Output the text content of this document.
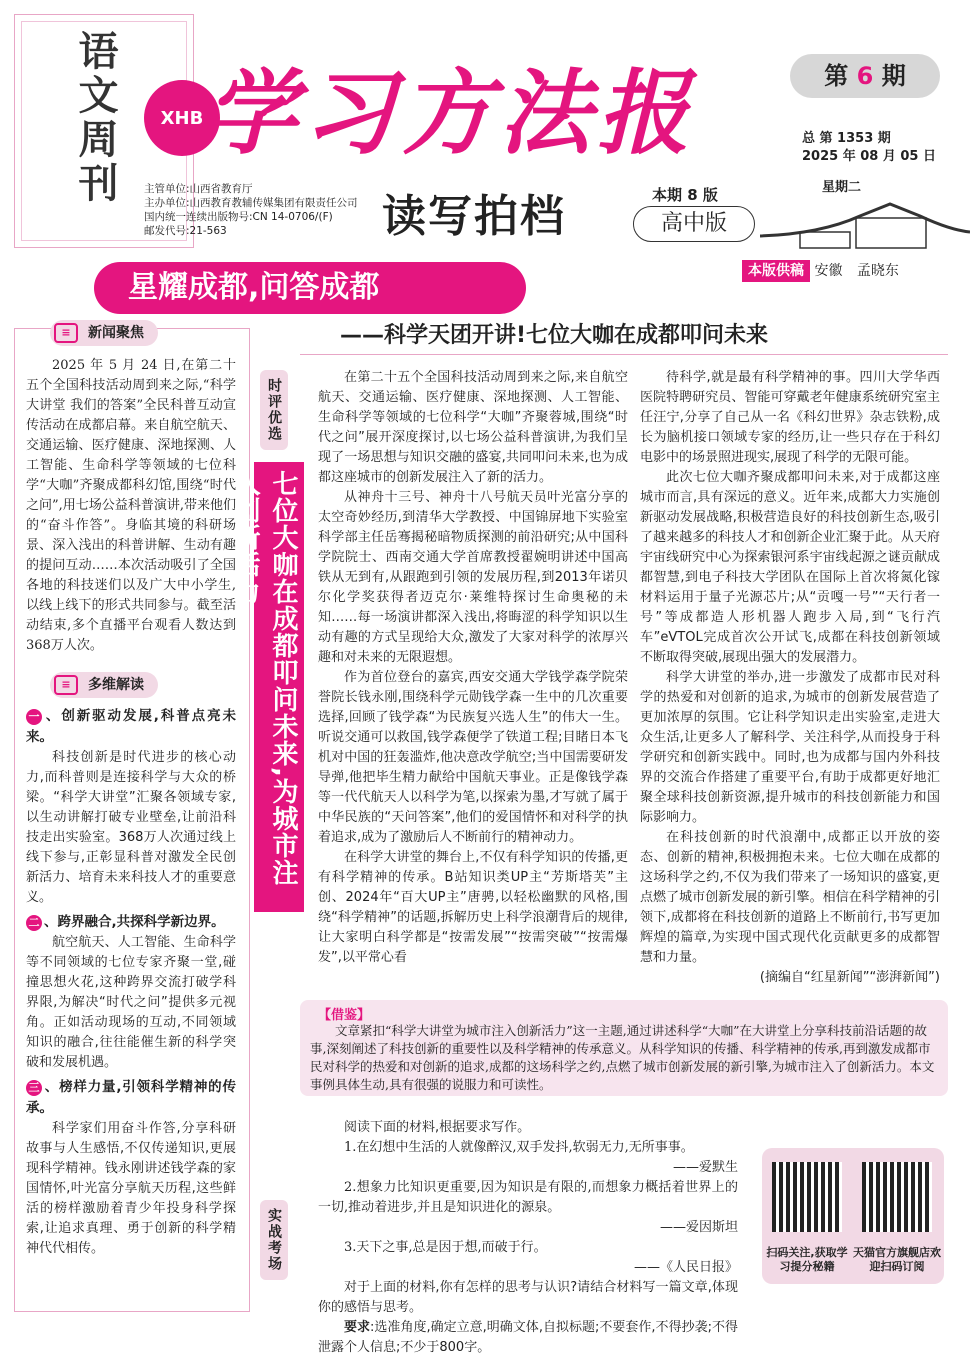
语文周刊	XHB 学习方法报
主管单位:山西省教育厅
主办单位:山西教育教辅传媒集团有限责任公司
国内统一连续出版物号:CN 14-0706/(F)
邮发代号:21-563	读写拍档	本期 8 版
高中版
第 6 期
总 第 1353 期
2025 年 08 月 05 日
星期二
星耀成都,问答成都	本版供稿 安徽 孟晓东
——科学天团开讲!七位大咖在成都叩问未来
≡	新闻聚焦
2025 年 5 月 24 日,在第二十五个全国科技活动周到来之际,“科学大讲堂 我们的答案”全民科普互动宣传活动在成都启幕。来自航空航天、交通运输、医疗健康、深地探测、人工智能、生命科学等领域的七位科学“大咖”齐聚成都科幻馆,围绕“时代之问”,用七场公益科普演讲,带来他们的“奋斗作答”。身临其境的科研场景、深入浅出的科普讲解、生动有趣的提问互动……本次活动吸引了全国各地的科技迷们以及广大中小学生,以线上线下的形式共同参与。截至活动结束,多个直播平台观看人数达到368万人次。
≡	多维解读
一 、创新驱动发展,科普点亮未来。

科技创新是时代进步的核心动力,而科普则是连接科学与大众的桥梁。“科学大讲堂”汇聚各领域专家,以生动讲解打破专业壁垒,让前沿科技走出实验室。368万人次通过线上线下参与,正彰显科普对激发全民创新活力、培育未来科技人才的重要意义。

二 、跨界融合,共探科学新边界。

航空航天、人工智能、生命科学等不同领域的七位专家齐聚一堂,碰撞思想火花,这种跨界交流打破学科界限,为解决“时代之问”提供多元视角。正如活动现场的互动,不同领域知识的融合,往往能催生新的科学突破和发展机遇。

三 、榜样力量,引领科学精神的传承。

科学家们用奋斗作答,分享科研故事与人生感悟,不仅传递知识,更展现科学精神。钱永刚讲述钱学森的家国情怀,叶光富分享航天历程,这些鲜活的榜样激励着青少年投身科学探索,让追求真理、勇于创新的科学精神代代相传。

时评优选
七位大咖在成都叩问未来,为城市注入创新活力

在第二十五个全国科技活动周到来之际,来自航空航天、交通运输、医疗健康、深地探测、人工智能、生命科学等领域的七位科学“大咖”齐聚蓉城,围绕“时代之问”展开深度探讨,以七场公益科普演讲,为我们呈现了一场思想与知识交融的盛宴,共同叩问未来,也为成都这座城市的创新发展注入了新的活力。

从神舟十三号、神舟十八号航天员叶光富分享的太空奇妙经历,到清华大学教授、中国锦屏地下实验室科学部主任岳骞揭秘暗物质探测的前沿研究;从中国科学院院士、西南交通大学首席教授翟婉明讲述中国高铁从无到有,从跟跑到引领的发展历程,到2013年诺贝尔化学奖获得者迈克尔·莱维特探讨生命奥秘的未知……每一场演讲都深入浅出,将晦涩的科学知识以生动有趣的方式呈现给大众,激发了大家对科学的浓厚兴趣和对未来的无限遐想。

作为首位登台的嘉宾,西安交通大学钱学森学院荣誉院长钱永刚,围绕科学元勋钱学森一生中的几次重要选择,回顾了钱学森“为民族复兴选人生”的伟大一生。听说交通可以救国,钱学森便学了铁道工程;目睹日本飞机对中国的狂轰滥炸,他决意改学航空;当中国需要研发导弹,他把毕生精力献给中国航天事业。正是像钱学森等一代代航天人以科学为笔,以探索为墨,才写就了属于中华民族的“天问答案”,他们的爱国情怀和对科学的执着追求,成为了激励后人不断前行的精神动力。

在科学大讲堂的舞台上,不仅有科学知识的传播,更有科学精神的传承。B站知识类UP主“芳斯塔芙”主创、2024年“百大UP主”唐骋,以轻松幽默的风格,围绕“科学精神”的话题,拆解历史上科学浪潮背后的规律,让大家明白科学都是“按需发展”“按需突破”“按需爆发”,以平常心看

待科学,就是最有科学精神的事。四川大学华西医院特聘研究员、智能可穿戴老年健康系统研究室主任汪宁,分享了自己从一名《科幻世界》杂志铁粉,成长为脑机接口领域专家的经历,让一些只存在于科幻电影中的场景照进现实,展现了科学的无限可能。

此次七位大咖齐聚成都叩问未来,对于成都这座城市而言,具有深远的意义。近年来,成都大力实施创新驱动发展战略,积极营造良好的科技创新生态,吸引了越来越多的科技人才和创新企业汇聚于此。从天府宇宙线研究中心为探索银河系宇宙线起源之谜贡献成都智慧,到电子科技大学团队在国际上首次将氮化镓材料运用于量子光源芯片;从“贡嘎一号”“天行者一号”等成都造人形机器人跑步入局,到“飞行汽车”eVTOL完成首次公开试飞,成都在科技创新领域不断取得突破,展现出强大的发展潜力。

科学大讲堂的举办,进一步激发了成都市民对科学的热爱和对创新的追求,为城市的创新发展营造了更加浓厚的氛围。它让科学知识走出实验室,走进大众生活,让更多人了解科学、关注科学,从而投身于科学研究和创新实践中。同时,也为成都与国内外科技界的交流合作搭建了重要平台,有助于成都更好地汇聚全球科技创新资源,提升城市的科技创新能力和国际影响力。

在科技创新的时代浪潮中,成都正以开放的姿态、创新的精神,积极拥抱未来。七位大咖在成都的这场科学之约,不仅为我们带来了一场知识的盛宴,更点燃了城市创新发展的新引擎。相信在科学精神的引领下,成都将在科技创新的道路上不断前行,书写更加辉煌的篇章,为实现中国式现代化贡献更多的成都智慧和力量。

(摘编自“红星新闻”“澎湃新闻”)
【借鉴】
文章紧扣“科学大讲堂为城市注入创新活力”这一主题,通过讲述科学“大咖”在大讲堂上分享科技前沿话题的故事,深刻阐述了科技创新的重要性以及科学精神的传承意义。从科学知识的传播、科学精神的传承,再到激发成都市民对科学的热爱和对创新的追求,成都的这场科学之约,点燃了城市创新发展的新引擎,为城市注入了创新活力。本文事例具体生动,具有很强的说服力和可读性。
实战考场
阅读下面的材料,根据要求写作。
1.在幻想中生活的人就像醉汉,双手发抖,软弱无力,无所事事。
——爱默生
2.想象力比知识更重要,因为知识是有限的,而想象力概括着世界上的一切,推动着进步,并且是知识进化的源泉。
——爱因斯坦
3.天下之事,总是因于想,而破于行。
——《人民日报》
对于上面的材料,你有怎样的思考与认识?请结合材料写一篇文章,体现你的感悟与思考。
要求:选准角度,确定立意,明确文体,自拟标题;不要套作,不得抄袭;不得泄露个人信息;不少于800字。
扫码关注,获取学习提分秘籍
天猫官方旗舰店欢迎扫码订阅
